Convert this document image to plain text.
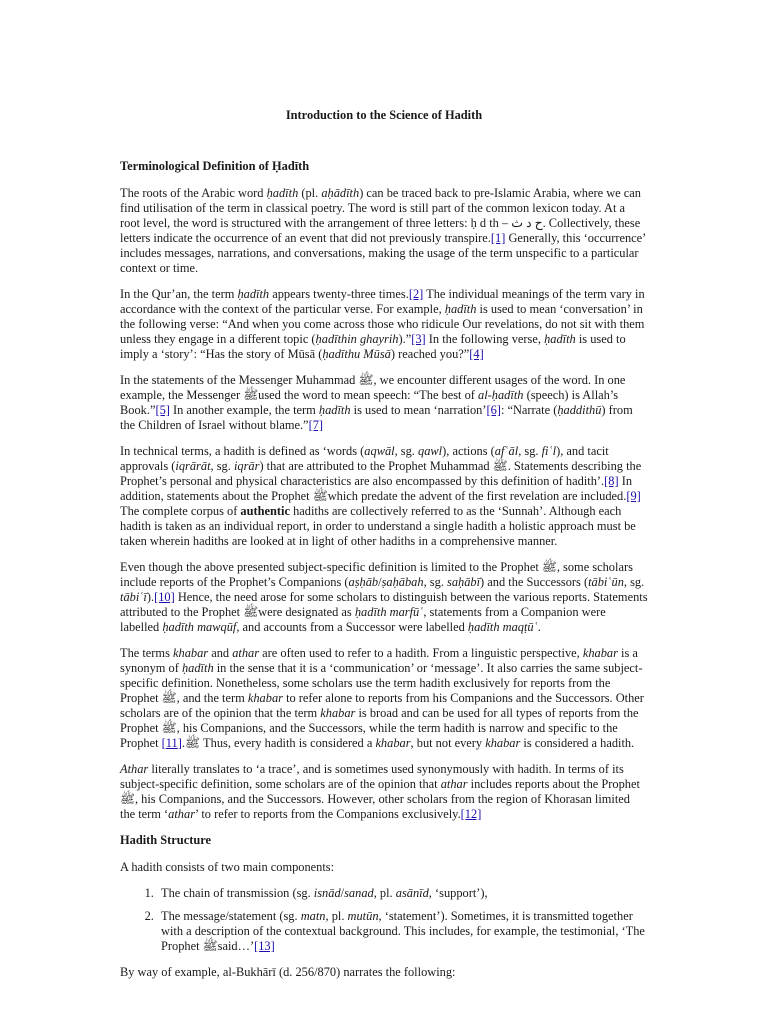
Introduction to the Science of Hadith
Terminological Definition of Ḥadīth

The roots of the Arabic word ḥadīth (pl. aḥādīth) can be traced back to pre-Islamic Arabia, where we can find utilisation of the term in classical poetry. The word is still part of the common lexicon today. At a root level, the word is structured with the arrangement of three letters: ḥ d th – ح د ث. Collectively, these letters indicate the occurrence of an event that did not previously transpire.[1] Generally, this ‘occurrence’ includes messages, narrations, and conversations, making the usage of the term unspecific to a particular context or time.

In the Qur’an, the term ḥadīth appears twenty-three times.[2] The individual meanings of the term vary in accordance with the context of the particular verse. For example, ḥadīth is used to mean ‘conversation’ in the following verse: “And when you come across those who ridicule Our revelations, do not sit with them unless they engage in a different topic (ḥadīthin ghayrih).”[3] In the following verse, ḥadīth is used to imply a ‘story’: “Has the story of Mūsā (ḥadīthu Mūsā) reached you?”[4]

In the statements of the Messenger Muhammad ﷺ, we encounter different usages of the word. In one example, the Messenger ﷺused the word to mean speech: “The best of al-ḥadīth (speech) is Allah’s Book.”[5] In another example, the term ḥadīth is used to mean ‘narration’[6]: “Narrate (ḥaddithū) from the Children of Israel without blame.”[7]

In technical terms, a hadith is defined as ‘words (aqwāl, sg. qawl), actions (afʿāl, sg. fiʿl), and tacit approvals (iqrārāt, sg. iqrār) that are attributed to the Prophet Muhammad ﷺ. Statements describing the Prophet’s personal and physical characteristics are also encompassed by this definition of hadith’.[8] In addition, statements about the Prophet ﷺwhich predate the advent of the first revelation are included.[9] The complete corpus of authentic hadiths are collectively referred to as the ‘Sunnah’. Although each hadith is taken as an individual report, in order to understand a single hadith a holistic approach must be taken wherein hadiths are looked at in light of other hadiths in a comprehensive manner.

Even though the above presented subject-specific definition is limited to the Prophet ﷺ, some scholars include reports of the Prophet’s Companions (aṣḥāb/ṣaḥābah, sg. saḥābī) and the Successors (tābiʿūn, sg. tābiʿī).[10] Hence, the need arose for some scholars to distinguish between the various reports. Statements attributed to the Prophet ﷺwere designated as ḥadīth marfūʿ, statements from a Companion were labelled ḥadīth mawqūf, and accounts from a Successor were labelled ḥadīth maqṭūʿ.

The terms khabar and athar are often used to refer to a hadith. From a linguistic perspective, khabar is a synonym of ḥadīth in the sense that it is a ‘communication’ or ‘message’. It also carries the same subject-specific definition. Nonetheless, some scholars use the term hadith exclusively for reports from the Prophet ﷺ, and the term khabar to refer alone to reports from his Companions and the Successors. Other scholars are of the opinion that the term khabar is broad and can be used for all types of reports from the Prophet ﷺ, his Companions, and the Successors, while the term hadith is narrow and specific to the Prophet ﷺ.[11] Thus, every hadith is considered a khabar, but not every khabar is considered a hadith.

Athar literally translates to ‘a trace’, and is sometimes used synonymously with hadith. In terms of its subject-specific definition, some scholars are of the opinion that athar includes reports about the Prophet ﷺ, his Companions, and the Successors. However, other scholars from the region of Khorasan limited the term ‘athar’ to refer to reports from the Companions exclusively.[12]

Hadith Structure

A hadith consists of two main components:

1. The chain of transmission (sg. isnād/sanad, pl. asānīd, ‘support’),
2. The message/statement (sg. matn, pl. mutūn, ‘statement’). Sometimes, it is transmitted together with a description of the contextual background. This includes, for example, the testimonial, ‘The Prophet ﷺsaid…’[13]

By way of example, al-Bukhārī (d. 256/870) narrates the following:
